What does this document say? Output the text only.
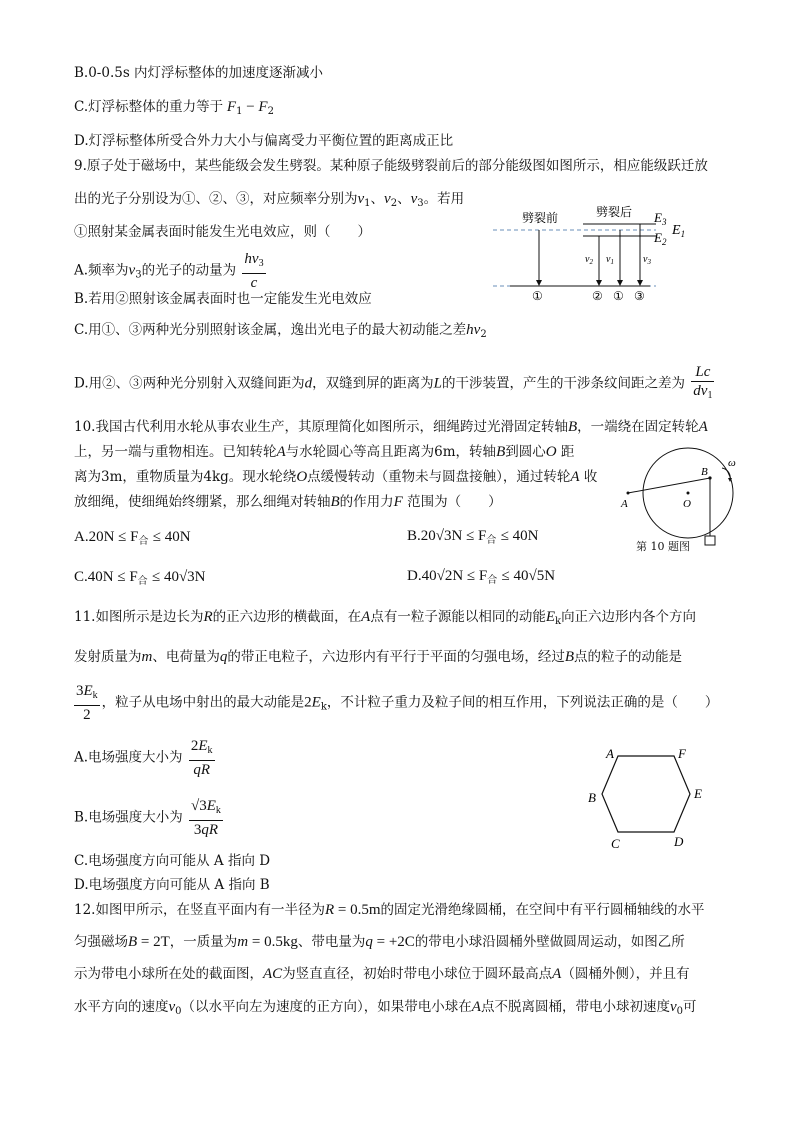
B.0-0.5s 内灯浮标整体的加速度逐渐减小
C.灯浮标整体的重力等于 $F_1 - F_2$
D.灯浮标整体所受合外力大小与偏离受力平衡位置的距离成正比
9.原子处于磁场中，某些能级会发生劈裂。某种原子能级劈裂前后的部分能级图如图所示，相应能级跃迁放
出的光子分别设为①、②、③，对应频率分别为$\nu_1$、$\nu_2$、$\nu_3$。若用
①照射某金属表面时能发生光电效应，则（　　）
A.频率为$\nu_3$的光子的动量为 $\frac{h\nu_3}{c}$
B.若用②照射该金属表面时也一定能发生光电效应
C.用①、③两种光分别照射该金属，逸出光电子的最大初动能之差$h\nu_2$
D.用②、③两种光分别射入双缝间距为d，双缝到屏的距离为L的干涉装置，产生的干涉条纹间距之差为 $\frac{Lc}{d\nu_1}$
劈裂前	劈裂后 $E_3$
$E_2$
$E_1$
$\nu_2$ $\nu_1$	$\nu_3$
①	② ① ③
10.我国古代利用水轮从事农业生产，其原理简化如图所示，细绳跨过光滑固定转轴B，一端绕在固定转轮A
上，另一端与重物相连。已知转轮A与水轮圆心等高且距离为6m，转轴B到圆心O 距
离为3m，重物质量为4kg。现水轮绕O点缓慢转动（重物未与圆盘接触），通过转轮A 收
放细绳，使细绳始终绷紧，那么细绳对转轴B的作用力F 范围为（　　）
$A.20N \le F_合 \le 40N$	$B.20√3N \le F_合 \le 40N$
$C.40N \le F_合 \le 40√3N$	$D.40√2N \le F_合 \le 40√5N$
A	O
B
ω
第 10 题图
11.如图所示是边长为R的正六边形的横截面，在A点有一粒子源能以相同的动能$E_k$向正六边形内各个方向
发射质量为m、电荷量为q的带正电粒子，六边形内有平行于平面的匀强电场，经过B点的粒子的动能是
$\frac{3E_k}{2}$ ，粒子从电场中射出的最大动能是$2E_k$，不计粒子重力及粒子间的相互作用，下列说法正确的是（　　）
A.电场强度大小为 $\frac{2E_k}{qR}$
B.电场强度大小为 $\frac{√3E_k}{3qR}$
C.电场强度方向可能从 A 指向 D
D.电场强度方向可能从 A 指向 B
A	F
B	E
C	D
12.如图甲所示，在竖直平面内有一半径为R = 0.5m的固定光滑绝缘圆桶，在空间中有平行圆桶轴线的水平
匀强磁场B = 2T，一质量为m = 0.5kg、带电量为q = +2C的带电小球沿圆桶外壁做圆周运动，如图乙所
示为带电小球所在处的截面图，AC为竖直直径，初始时带电小球位于圆环最高点A（圆桶外侧），并且有
水平方向的速度$v_0$（以水平向左为速度的正方向），如果带电小球在A点不脱离圆桶，带电小球初速度$v_0$可
